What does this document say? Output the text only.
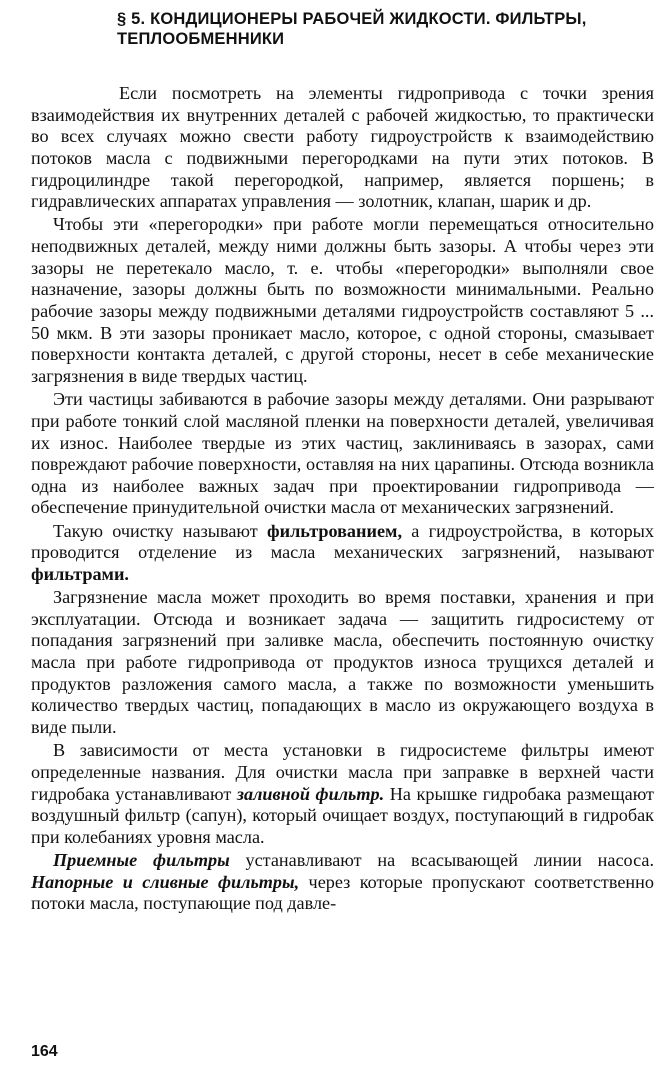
§ 5. КОНДИЦИОНЕРЫ РАБОЧЕЙ ЖИДКОСТИ. ФИЛЬТРЫ, ТЕПЛООБМЕННИКИ

Если посмотреть на элементы гидропривода с точки зрения взаимодействия их внутренних деталей с рабочей жидкостью, то практически во всех случаях можно свести работу гидроустройств к взаимодействию потоков масла с подвижными перегородками на пути этих потоков. В гидроцилиндре такой перегородкой, например, является поршень; в гидравлических аппаратах управления — золотник, клапан, шарик и др.

Чтобы эти «перегородки» при работе могли перемещаться относительно неподвижных деталей, между ними должны быть зазоры. А чтобы через эти зазоры не перетекало масло, т. е. чтобы «перегородки» выполняли свое назначение, зазоры должны быть по возможности минимальными. Реально рабочие зазоры между подвижными деталями гидроустройств составляют 5 ... 50 мкм. В эти зазоры проникает масло, которое, с одной стороны, смазывает поверхности контакта деталей, с другой стороны, несет в себе механические загрязнения в виде твердых частиц.

Эти частицы забиваются в рабочие зазоры между деталями. Они разрывают при работе тонкий слой масляной пленки на поверхности деталей, увеличивая их износ. Наиболее твердые из этих частиц, заклиниваясь в зазорах, сами повреждают рабочие поверхности, оставляя на них царапины. Отсюда возникла одна из наиболее важных задач при проектировании гидропривода — обеспечение принудительной очистки масла от механических загрязнений.

Такую очистку называют фильтрованием, а гидроустройства, в которых проводится отделение из масла механических загрязнений, называют фильтрами.

Загрязнение масла может проходить во время поставки, хранения и при эксплуатации. Отсюда и возникает задача — защитить гидросистему от попадания загрязнений при заливке масла, обеспечить постоянную очистку масла при работе гидропривода от продуктов износа трущихся деталей и продуктов разложения самого масла, а также по возможности уменьшить количество твердых частиц, попадающих в масло из окружающего воздуха в виде пыли.

В зависимости от места установки в гидросистеме фильтры имеют определенные названия. Для очистки масла при заправке в верхней части гидробака устанавливают заливной фильтр. На крышке гидробака размещают воздушный фильтр (сапун), который очищает воздух, поступающий в гидробак при колебаниях уровня масла.

Приемные фильтры устанавливают на всасывающей линии насоса. Напорные и сливные фильтры, через которые пропускают соответственно потоки масла, поступающие под давле-

164
